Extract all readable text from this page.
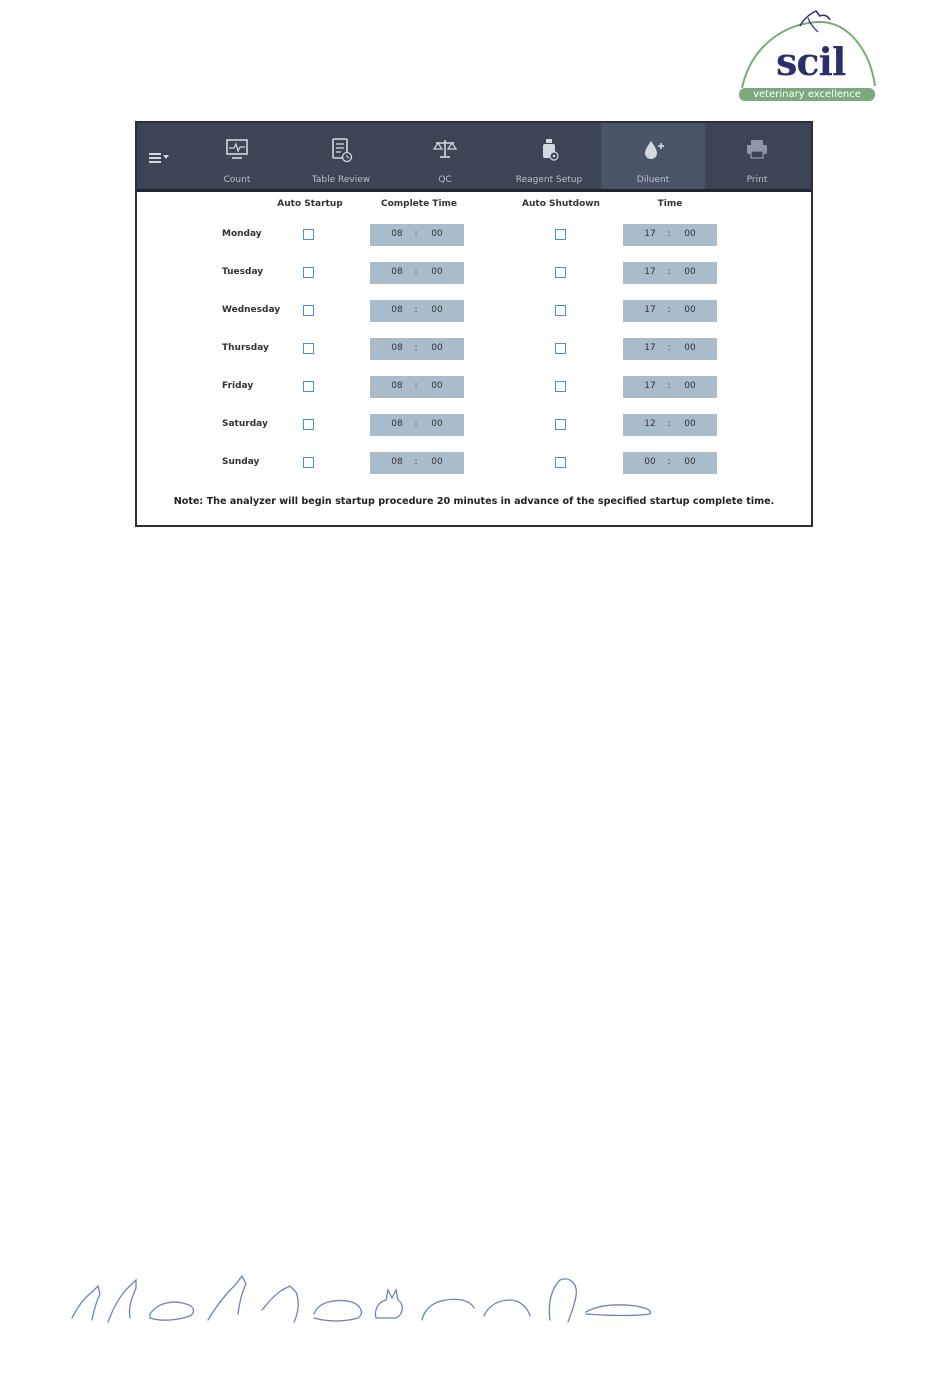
scil
veterinary excellence
Count	Table Review	QC	Reagent Setup	Diluent	Print
Auto Startup	Complete Time	Auto Shutdown	Time
Monday	08 : 00	17 : 00
Tuesday	08 : 00	17 : 00
Wednesday	08 : 00	17 : 00
Thursday	08 : 00	17 : 00
Friday	08 : 00	17 : 00
Saturday	08 : 00	12 : 00
Sunday	08 : 00	00 : 00
Note: The analyzer will begin startup procedure 20 minutes in advance of the specified startup complete time.
